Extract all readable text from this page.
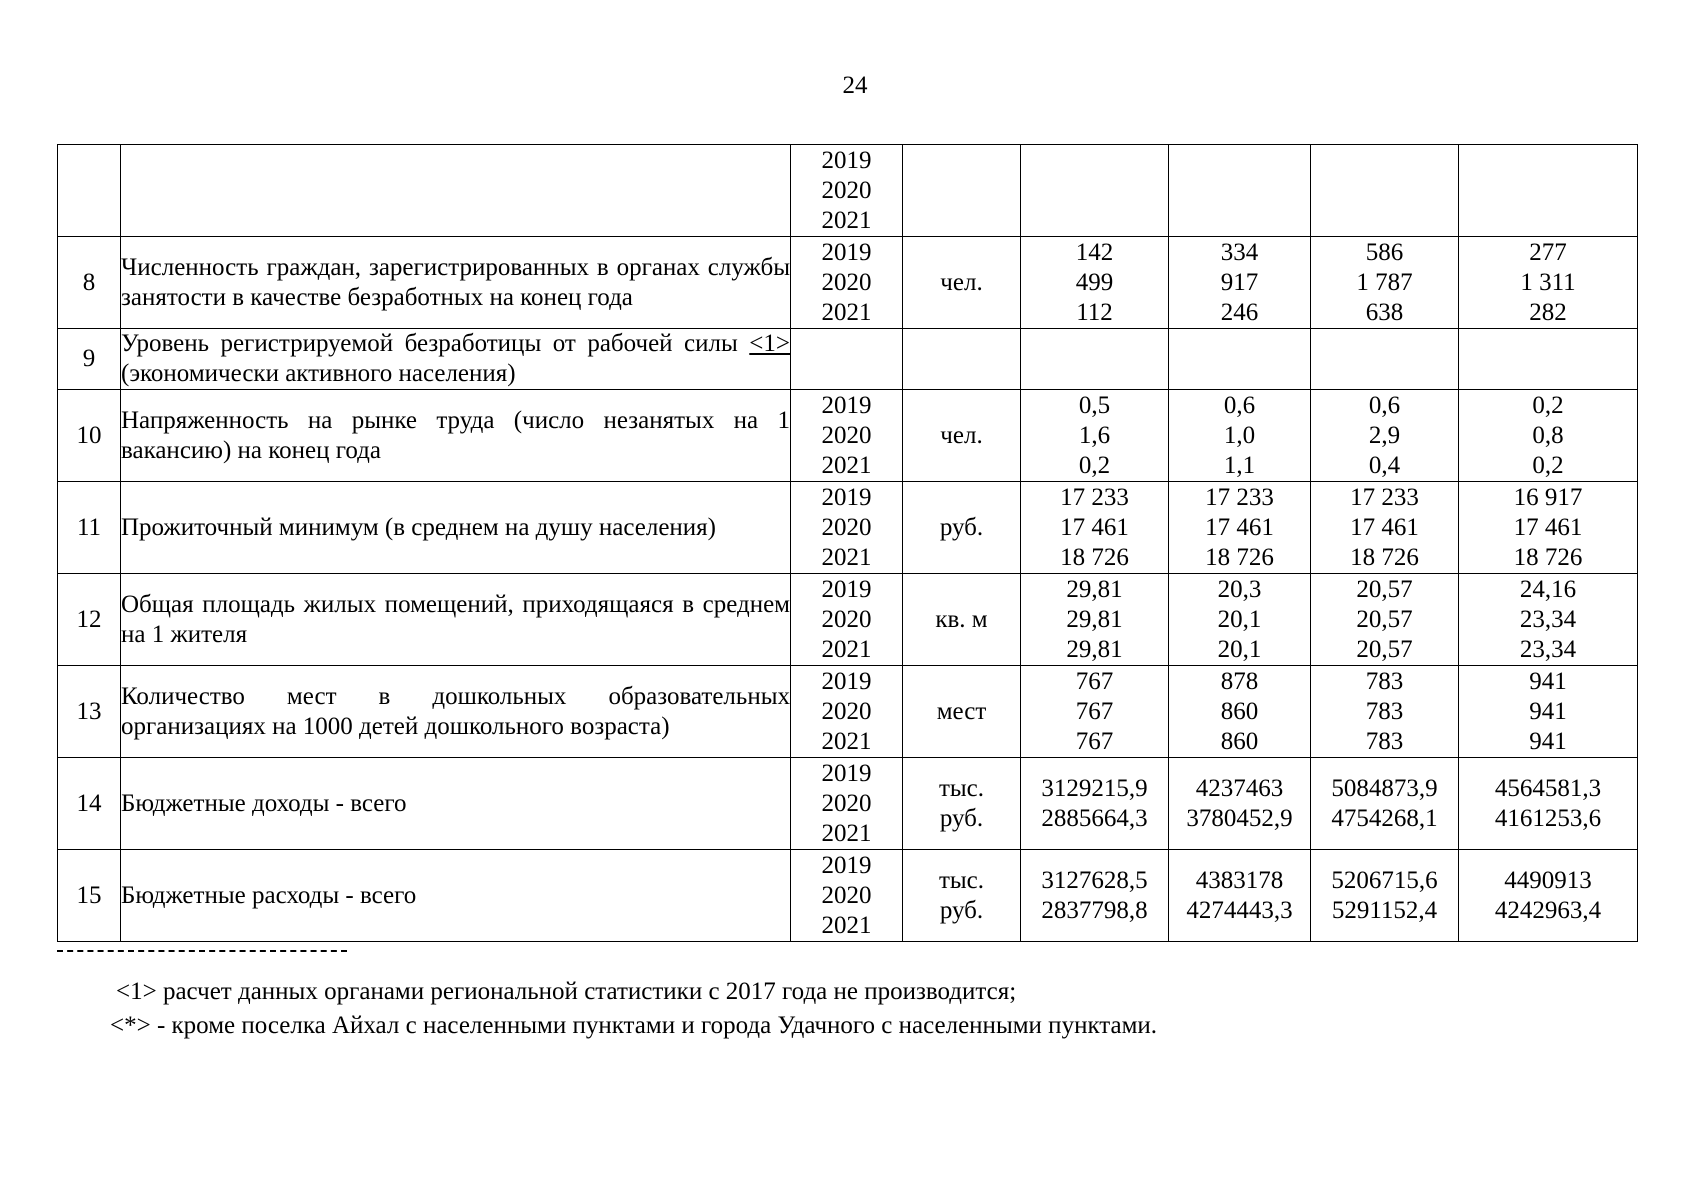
24

		2019
2020
2021					

8	Численность граждан, зарегистрированных в органах службы занятости в качестве безработных на конец года	2019
2020
2021	чел.	142
499
112	334
917
246	586
1 787
638	277
1 311
282

9	Уровень регистрируемой безработицы от рабочей силы <1> (экономически активного населения)						
10	Напряженность на рынке труда (число незанятых на 1 вакансию) на конец года	2019
2020
2021	чел.	0,5
1,6
0,2	0,6
1,0
1,1	0,6
2,9
0,4	0,2
0,8
0,2

11	Прожиточный минимум (в среднем на душу населения)	2019
2020
2021	руб.	17 233
17 461
18 726	17 233
17 461
18 726	17 233
17 461
18 726	16 917
17 461
18 726

12	Общая площадь жилых помещений, приходящаяся в среднем на 1 жителя	2019
2020
2021	кв. м	29,81
29,81
29,81	20,3
20,1
20,1	20,57
20,57
20,57	24,16
23,34
23,34

13	Количество мест в дошкольных образовательных организациях на 1000 детей дошкольного возраста)	2019
2020
2021	мест	767
767
767	878
860
860	783
783
783	941
941
941

14	Бюджетные доходы - всего	2019
2020
2021	тыс.
руб.	3129215,9
2885664,3	4237463
3780452,9	5084873,9
4754268,1	4564581,3
4161253,6

15	Бюджетные расходы - всего	2019
2020
2021	тыс.
руб.	3127628,5
2837798,8	4383178
4274443,3	5206715,6
5291152,4	4490913
4242963,4
<1> расчет данных органами региональной статистики с 2017 года не производится;
<*> - кроме поселка Айхал с населенными пунктами и города Удачного с населенными пунктами.
